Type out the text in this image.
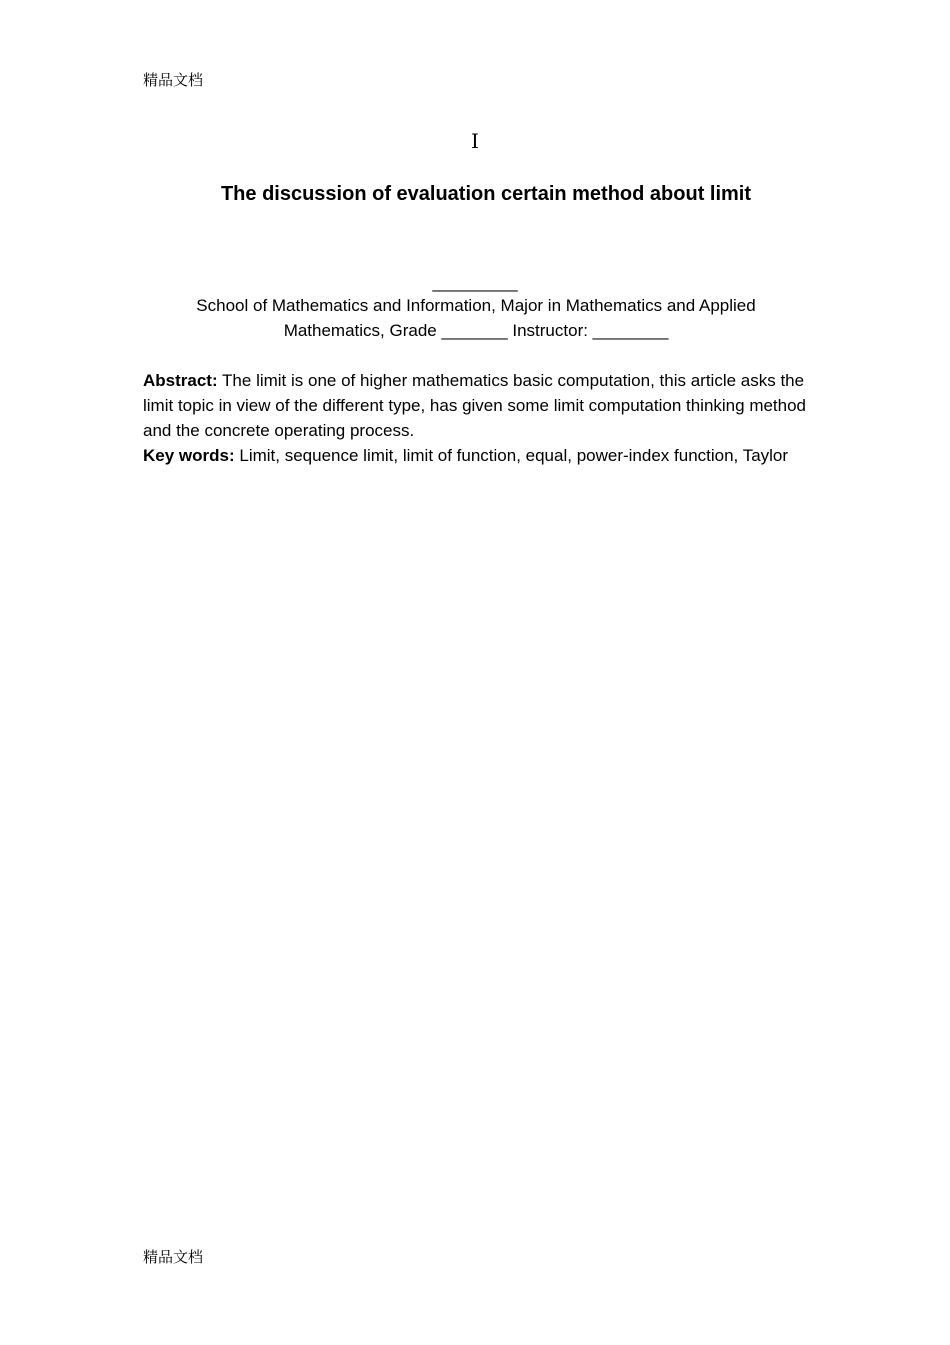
精品文档
I
The discussion of evaluation certain method about limit
_________
School of Mathematics and Information, Major in Mathematics and Applied
Mathematics, Grade _______ Instructor: ________

Abstract: The limit is one of higher mathematics basic computation, this article asks the limit topic in view of the different type, has given some limit computation thinking method and the concrete operating process.

Key words: Limit, sequence limit, limit of function, equal, power-index function, Taylor

精品文档
